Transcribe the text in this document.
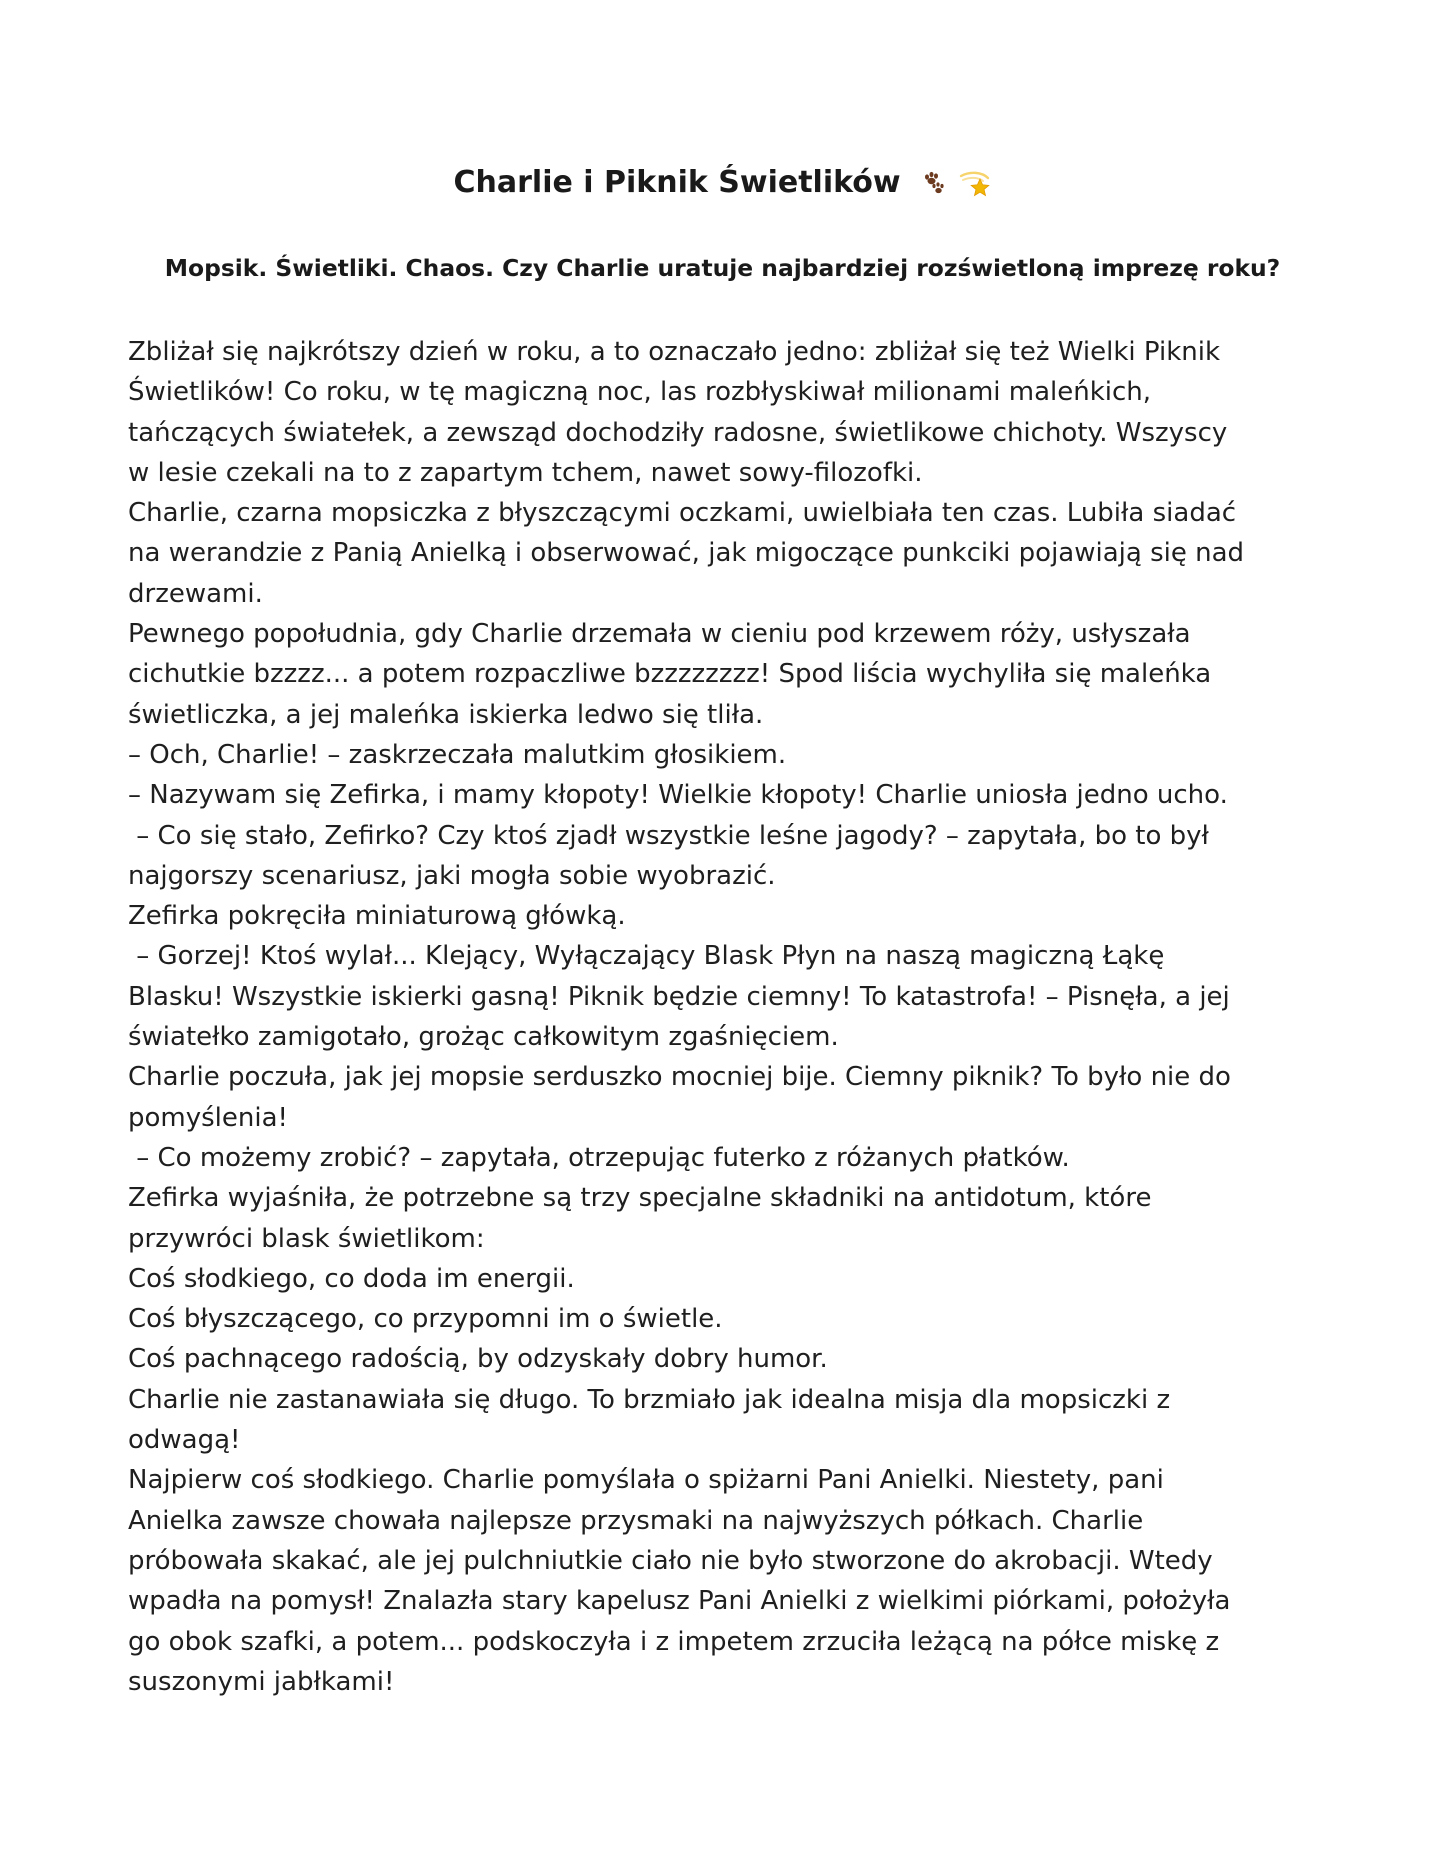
Charlie i Piknik Świetlików

Mopsik. Świetliki. Chaos. Czy Charlie uratuje najbardziej rozświetloną imprezę roku?
Zbliżał się najkrótszy dzień w roku, a to oznaczało jedno: zbliżał się też Wielki Piknik
Świetlików! Co roku, w tę magiczną noc, las rozbłyskiwał milionami maleńkich,
tańczących światełek, a zewsząd dochodziły radosne, świetlikowe chichoty. Wszyscy
w lesie czekali na to z zapartym tchem, nawet sowy-filozofki.
Charlie, czarna mopsiczka z błyszczącymi oczkami, uwielbiała ten czas. Lubiła siadać
na werandzie z Panią Anielką i obserwować, jak migoczące punkciki pojawiają się nad
drzewami.
Pewnego popołudnia, gdy Charlie drzemała w cieniu pod krzewem róży, usłyszała
cichutkie bzzzz... a potem rozpaczliwe bzzzzzzzz! Spod liścia wychyliła się maleńka
świetliczka, a jej maleńka iskierka ledwo się tliła.
– Och, Charlie! – zaskrzeczała malutkim głosikiem.
– Nazywam się Zefirka, i mamy kłopoty! Wielkie kłopoty! Charlie uniosła jedno ucho.
– Co się stało, Zefirko? Czy ktoś zjadł wszystkie leśne jagody? – zapytała, bo to był
najgorszy scenariusz, jaki mogła sobie wyobrazić.
Zefirka pokręciła miniaturową główką.
– Gorzej! Ktoś wylał... Klejący, Wyłączający Blask Płyn na naszą magiczną Łąkę
Blasku! Wszystkie iskierki gasną! Piknik będzie ciemny! To katastrofa! – Pisnęła, a jej
światełko zamigotało, grożąc całkowitym zgaśnięciem.
Charlie poczuła, jak jej mopsie serduszko mocniej bije. Ciemny piknik? To było nie do
pomyślenia!
– Co możemy zrobić? – zapytała, otrzepując futerko z różanych płatków.
Zefirka wyjaśniła, że potrzebne są trzy specjalne składniki na antidotum, które
przywróci blask świetlikom:
Coś słodkiego, co doda im energii.
Coś błyszczącego, co przypomni im o świetle.
Coś pachnącego radością, by odzyskały dobry humor.
Charlie nie zastanawiała się długo. To brzmiało jak idealna misja dla mopsiczki z
odwagą!
Najpierw coś słodkiego. Charlie pomyślała o spiżarni Pani Anielki. Niestety, pani
Anielka zawsze chowała najlepsze przysmaki na najwyższych półkach. Charlie
próbowała skakać, ale jej pulchniutkie ciało nie było stworzone do akrobacji. Wtedy
wpadła na pomysł! Znalazła stary kapelusz Pani Anielki z wielkimi piórkami, położyła
go obok szafki, a potem... podskoczyła i z impetem zrzuciła leżącą na półce miskę z
suszonymi jabłkami!
